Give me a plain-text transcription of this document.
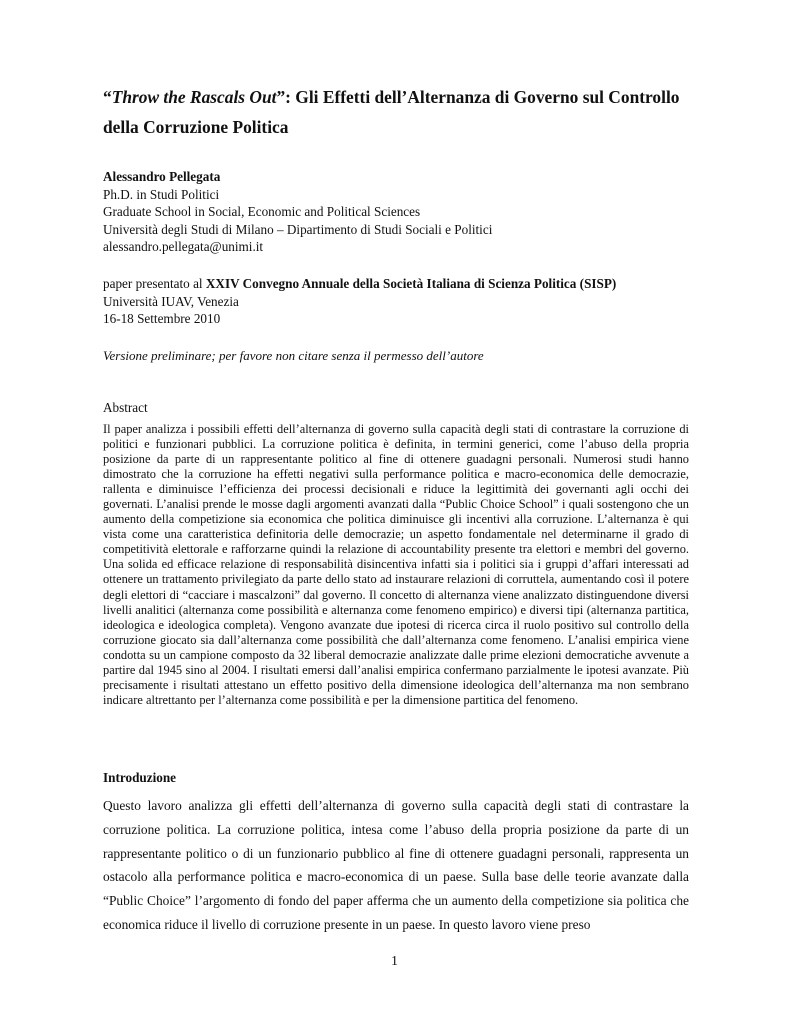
“Throw the Rascals Out”: Gli Effetti dell’Alternanza di Governo sul Controllo della Corruzione Politica
Alessandro Pellegata
Ph.D. in Studi Politici
Graduate School in Social, Economic and Political Sciences
Università degli Studi di Milano – Dipartimento di Studi Sociali e Politici
alessandro.pellegata@unimi.it
paper presentato al XXIV Convegno Annuale della Società Italiana di Scienza Politica (SISP)
Università IUAV, Venezia
16-18 Settembre 2010
Versione preliminare; per favore non citare senza il permesso dell’autore
Abstract

Il paper analizza i possibili effetti dell’alternanza di governo sulla capacità degli stati di contrastare la corruzione di politici e funzionari pubblici. La corruzione politica è definita, in termini generici, come l’abuso della propria posizione da parte di un rappresentante politico al fine di ottenere guadagni personali. Numerosi studi hanno dimostrato che la corruzione ha effetti negativi sulla performance politica e macro-economica delle democrazie, rallenta e diminuisce l’efficienza dei processi decisionali e riduce la legittimità dei governanti agli occhi dei governati. L’analisi prende le mosse dagli argomenti avanzati dalla “Public Choice School” i quali sostengono che un aumento della competizione sia economica che politica diminuisce gli incentivi alla corruzione. L’alternanza è qui vista come una caratteristica definitoria delle democrazie; un aspetto fondamentale nel determinarne il grado di competitività elettorale e rafforzarne quindi la relazione di accountability presente tra elettori e membri del governo. Una solida ed efficace relazione di responsabilità disincentiva infatti sia i politici sia i gruppi d’affari interessati ad ottenere un trattamento privilegiato da parte dello stato ad instaurare relazioni di corruttela, aumentando così il potere degli elettori di “cacciare i mascalzoni” dal governo. Il concetto di alternanza viene analizzato distinguendone diversi livelli analitici (alternanza come possibilità e alternanza come fenomeno empirico) e diversi tipi (alternanza partitica, ideologica e ideologica completa). Vengono avanzate due ipotesi di ricerca circa il ruolo positivo sul controllo della corruzione giocato sia dall’alternanza come possibilità che dall’alternanza come fenomeno. L’analisi empirica viene condotta su un campione composto da 32 liberal democrazie analizzate dalle prime elezioni democratiche avvenute a partire dal 1945 sino al 2004. I risultati emersi dall’analisi empirica confermano parzialmente le ipotesi avanzate. Più precisamente i risultati attestano un effetto positivo della dimensione ideologica dell’alternanza ma non sembrano indicare altrettanto per l’alternanza come possibilità e per la dimensione partitica del fenomeno.

Introduzione

Questo lavoro analizza gli effetti dell’alternanza di governo sulla capacità degli stati di contrastare la corruzione politica. La corruzione politica, intesa come l’abuso della propria posizione da parte di un rappresentante politico o di un funzionario pubblico al fine di ottenere guadagni personali, rappresenta un ostacolo alla performance politica e macro-economica di un paese. Sulla base delle teorie avanzate dalla “Public Choice” l’argomento di fondo del paper afferma che un aumento della competizione sia politica che economica riduce il livello di corruzione presente in un paese. In questo lavoro viene preso

1
